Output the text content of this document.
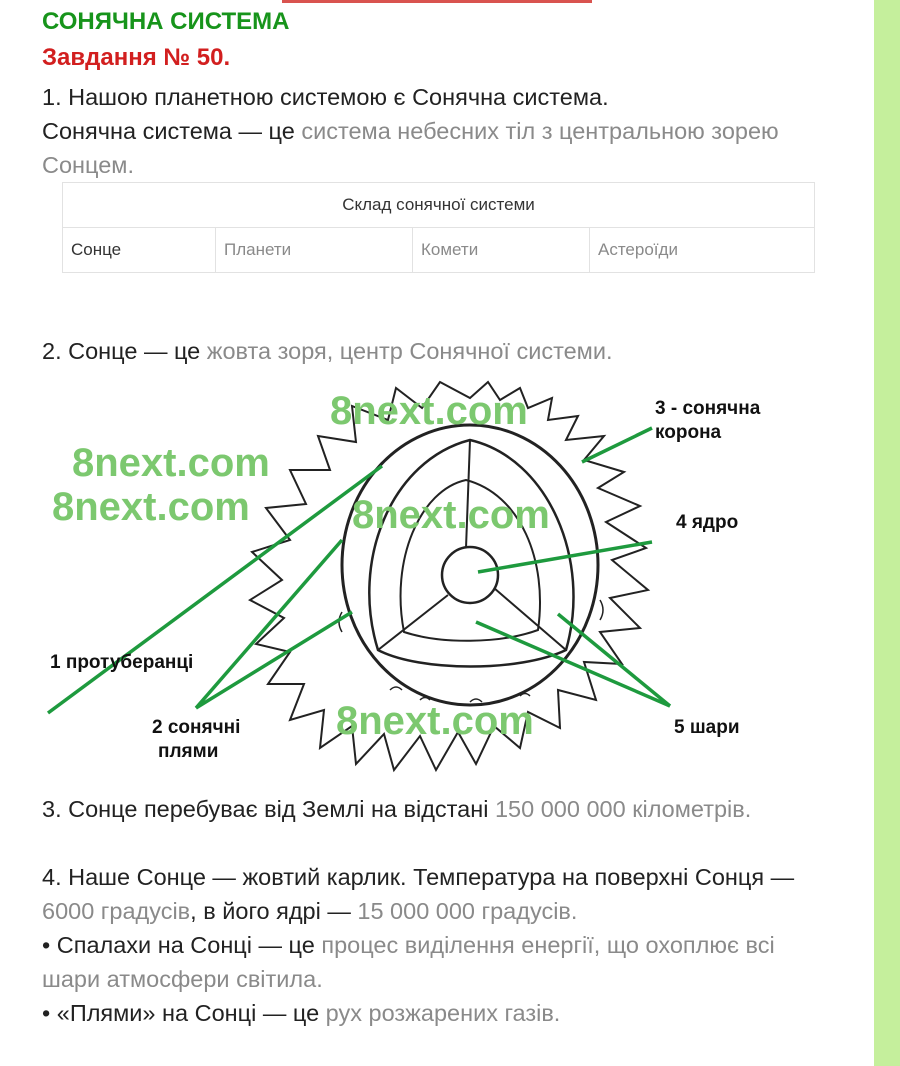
СОНЯЧНА СИСТЕМА
Завдання № 50.
1. Нашою планетною системою є Сонячна система.
Сонячна система — це система небесних тіл з центральною зорею Сонцем.
Склад сонячної системи
Сонце	Планети	Комети	Астероїди
2. Сонце — це жовта зоря, центр Сонячної системи.
3. Сонце перебуває від Землі на відстані 150 000 000 кілометрів.
4. Наше Сонце — жовтий карлик. Температура на поверхні Сонця — 6000 градусів, в його ядрі — 15 000 000 градусів.
• Спалахи на Сонці — це процес виділення енергії, що охоплює всі шари атмосфери світила.
• «Плями» на Сонці — це рух розжарених газів.
8next.com
8next.com
8next.com	8next.com
8next.com
3 - сонячна
корона
4 ядро
1 протуберанці
2 сонячні
плями
5 шари
